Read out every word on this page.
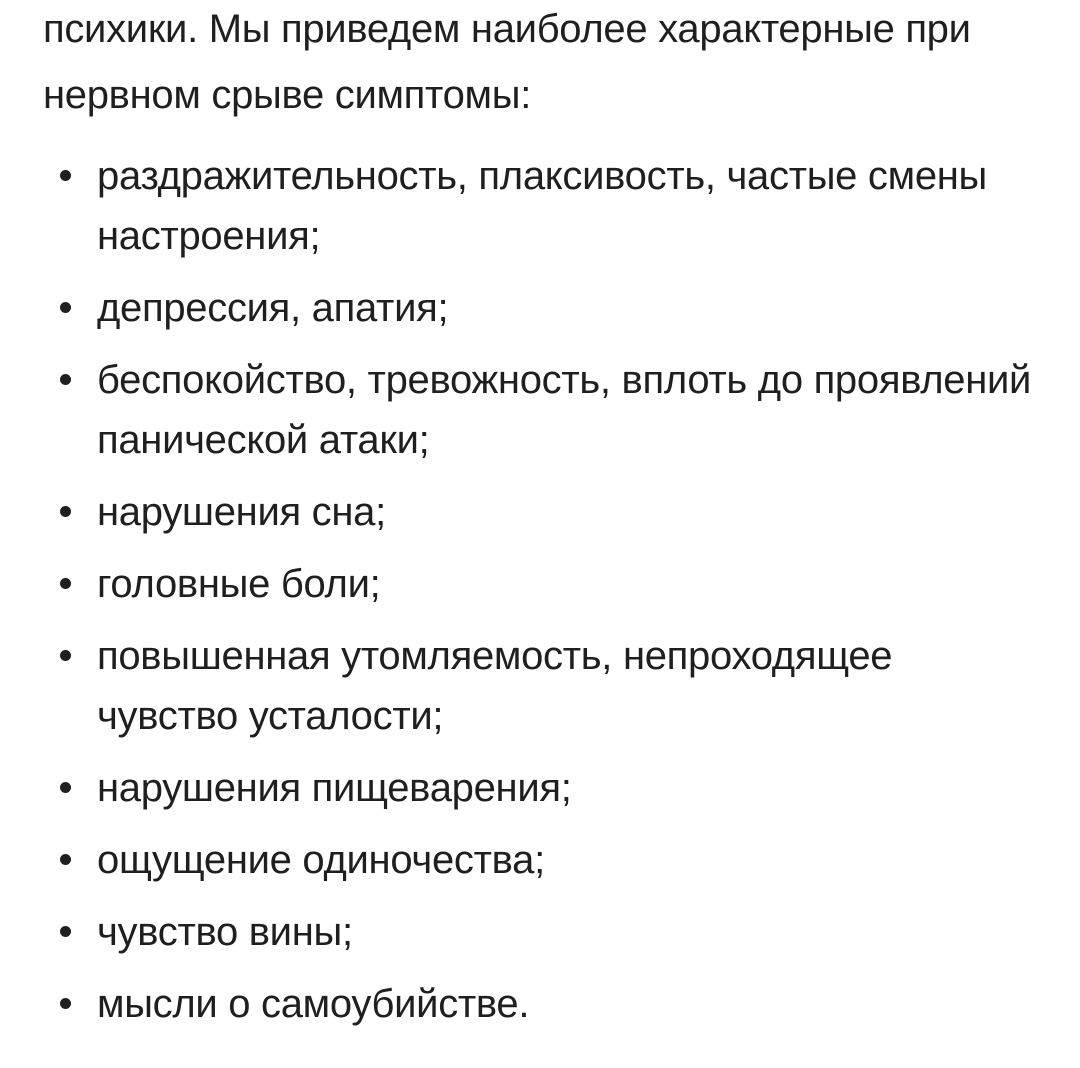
психики. Мы приведем наиболее характерные при нервном срыве симптомы:

раздражительность, плаксивость, частые смены настроения;
депрессия, апатия;
беспокойство, тревожность, вплоть до проявлений панической атаки;
нарушения сна;
головные боли;
повышенная утомляемость, непроходящее чувство усталости;
нарушения пищеварения;
ощущение одиночества;
чувство вины;
мысли о самоубийстве.
